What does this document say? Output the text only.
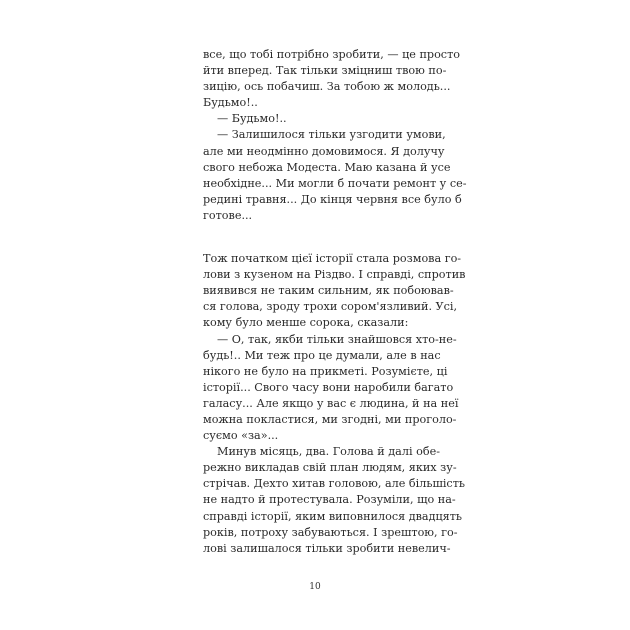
все, що тобі потрібно зробити, — це просто
йти вперед. Так тільки зміцниш твою по-
зицію, ось побачиш. За тобою ж молодь...
Будьмо!..
— Будьмо!..
— Залишилося тільки узгодити умови,
але ми неодмінно домовимося. Я долучу
свого небожа Модеста. Маю казана й усе
необхідне... Ми могли б почати ремонт у се-
редині травня... До кінця червня все було б
готове...
Тож початком цієї історії стала розмова го-
лови з кузеном на Різдво. І справді, спротив
виявився не таким сильним, як побоював-
ся голова, зроду трохи сором'язливий. Усі,
кому було менше сорока, сказали:
— О, так, якби тільки знайшовся хто-не-
будь!.. Ми теж про це думали, але в нас
нікого не було на прикметі. Розумієте, ці
історії... Свого часу вони наробили багато
галасу... Але якщо у вас є людина, й на неї
можна покластися, ми згодні, ми проголо-
суємо «за»...
Минув місяць, два. Голова й далі обе-
режно викладав свій план людям, яких зу-
стрічав. Дехто хитав головою, але більшість
не надто й протестувала. Розуміли, що на-
справді історії, яким виповнилося двадцять
років, потроху забуваються. І зрештою, го-
лові залишалося тільки зробити невелич-
10
